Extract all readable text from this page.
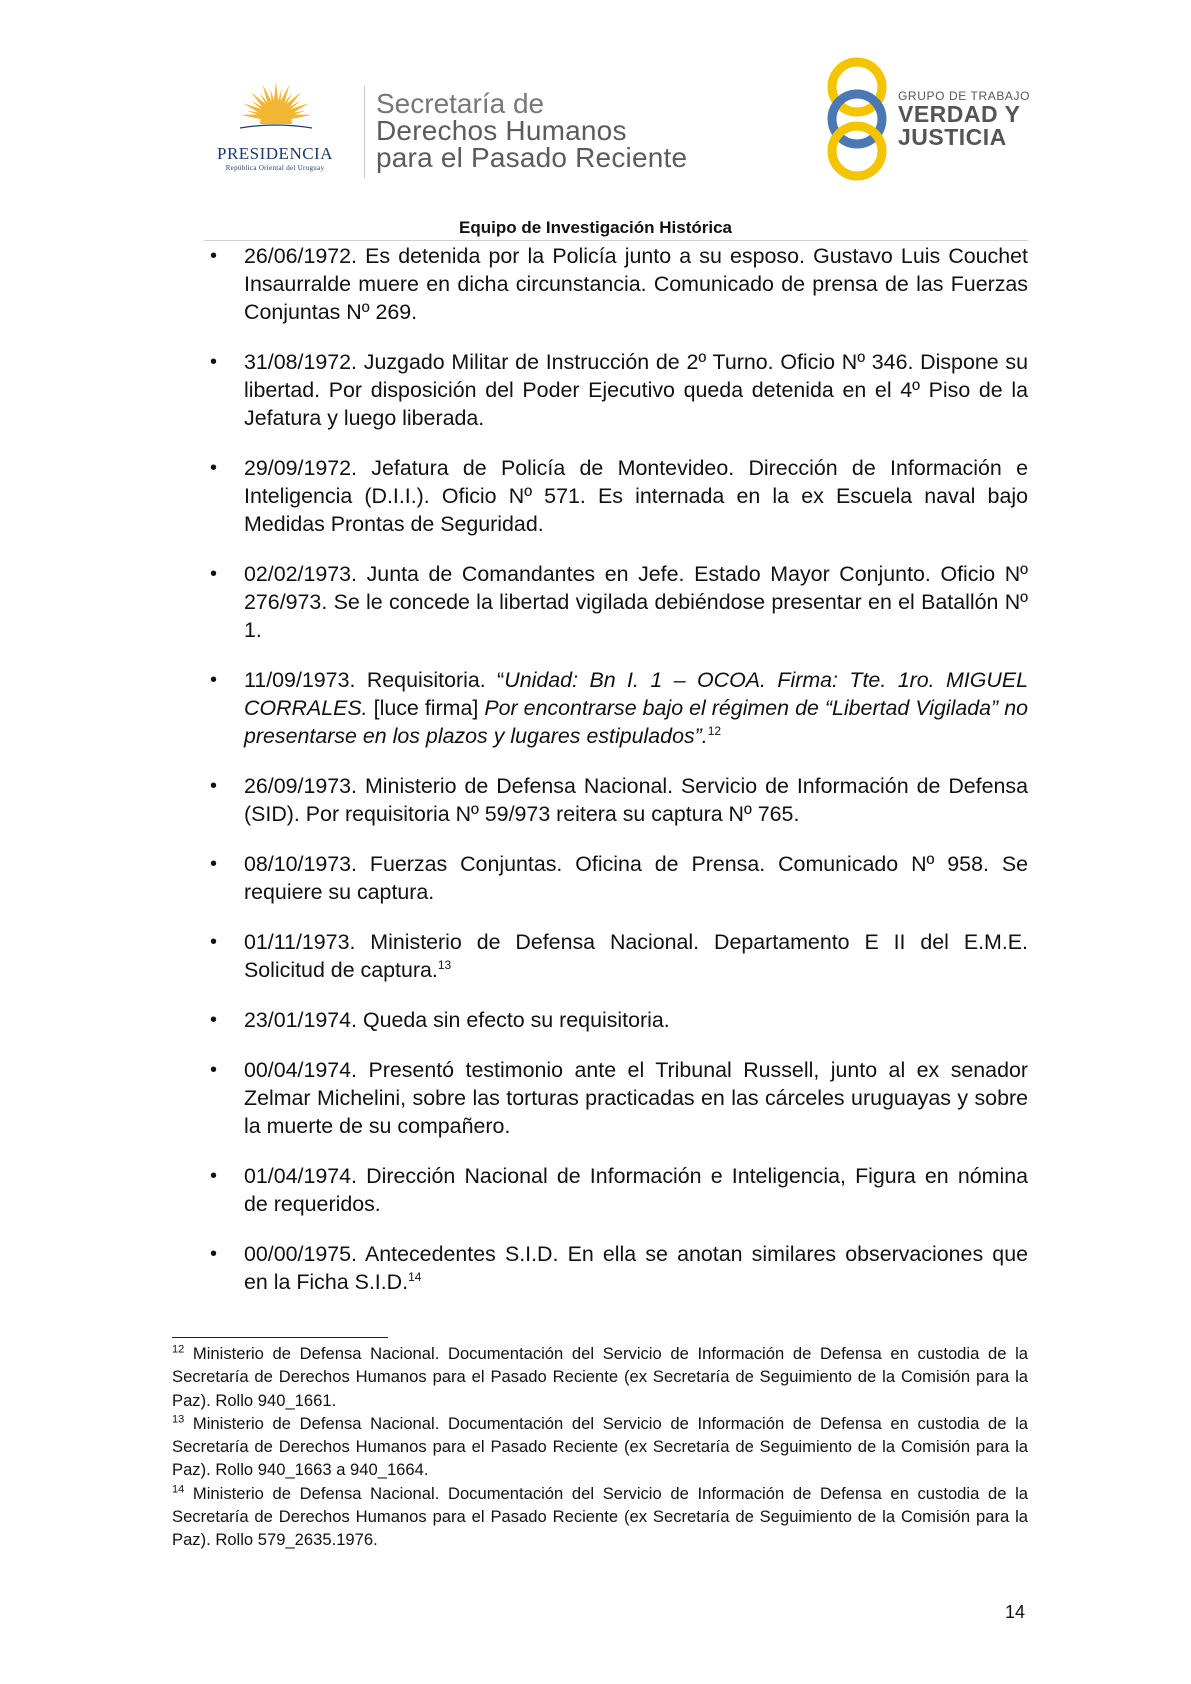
PRESIDENCIA
República Oriental del Uruguay
Secretaría de
Derechos Humanos
para el Pasado Reciente
GRUPO DE TRABAJO
VERDAD Y
JUSTICIA
Equipo de Investigación Histórica
• 26/06/1972. Es detenida por la Policía junto a su esposo. Gustavo Luis Couchet Insaurralde muere en dicha circunstancia. Comunicado de prensa de las Fuerzas Conjuntas Nº 269.
• 31/08/1972. Juzgado Militar de Instrucción de 2º Turno. Oficio Nº 346. Dispone su libertad. Por disposición del Poder Ejecutivo queda detenida en el 4º Piso de la Jefatura y luego liberada.
• 29/09/1972. Jefatura de Policía de Montevideo. Dirección de Información e Inteligencia (D.I.I.). Oficio Nº 571. Es internada en la ex Escuela naval bajo Medidas Prontas de Seguridad.
• 02/02/1973. Junta de Comandantes en Jefe. Estado Mayor Conjunto. Oficio Nº 276/973. Se le concede la libertad vigilada debiéndose presentar en el Batallón Nº 1.
• 11/09/1973. Requisitoria. “Unidad: Bn I. 1 – OCOA. Firma: Tte. 1ro. MIGUEL CORRALES. [luce firma] Por encontrarse bajo el régimen de “Libertad Vigilada” no presentarse en los plazos y lugares estipulados”.$^{12}$
• 26/09/1973. Ministerio de Defensa Nacional. Servicio de Información de Defensa (SID). Por requisitoria Nº 59/973 reitera su captura Nº 765.
• 08/10/1973. Fuerzas Conjuntas. Oficina de Prensa. Comunicado Nº 958. Se requiere su captura.
• 01/11/1973. Ministerio de Defensa Nacional. Departamento E II del E.M.E. Solicitud de captura.$^{13}$
• 23/01/1974. Queda sin efecto su requisitoria.
• 00/04/1974. Presentó testimonio ante el Tribunal Russell, junto al ex senador Zelmar Michelini, sobre las torturas practicadas en las cárceles uruguayas y sobre la muerte de su compañero.
• 01/04/1974. Dirección Nacional de Información e Inteligencia, Figura en nómina de requeridos.
• 00/00/1975. Antecedentes S.I.D. En ella se anotan similares observaciones que en la Ficha S.I.D.$^{14}$
$^{12}$ Ministerio de Defensa Nacional. Documentación del Servicio de Información de Defensa en custodia de la Secretaría de Derechos Humanos para el Pasado Reciente (ex Secretaría de Seguimiento de la Comisión para la Paz). Rollo 940_1661.
$^{13}$ Ministerio de Defensa Nacional. Documentación del Servicio de Información de Defensa en custodia de la Secretaría de Derechos Humanos para el Pasado Reciente (ex Secretaría de Seguimiento de la Comisión para la Paz). Rollo 940_1663 a 940_1664.
$^{14}$ Ministerio de Defensa Nacional. Documentación del Servicio de Información de Defensa en custodia de la Secretaría de Derechos Humanos para el Pasado Reciente (ex Secretaría de Seguimiento de la Comisión para la Paz). Rollo 579_2635.1976.
14
